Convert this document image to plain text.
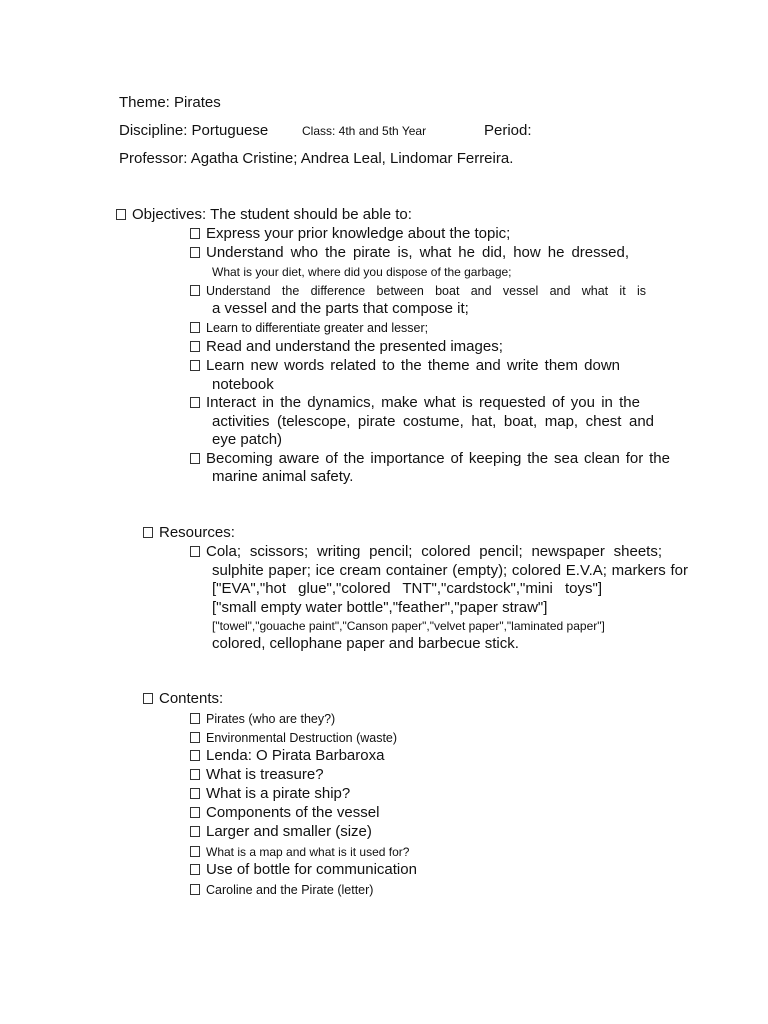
Theme: Pirates
Discipline: Portuguese	Class: 4th and 5th Year	Period:
Professor: Agatha Cristine; Andrea Leal, Lindomar Ferreira.
Objectives: The student should be able to:
Express your prior knowledge about the topic;
Understand who the pirate is, what he did, how he dressed,
What is your diet, where did you dispose of the garbage;
Understand the difference between boat and vessel and what it is
a vessel and the parts that compose it;
Learn to differentiate greater and lesser;
Read and understand the presented images;
Learn new words related to the theme and write them down
notebook
Interact in the dynamics, make what is requested of you in the
activities (telescope, pirate costume, hat, boat, map, chest and
eye patch)
Becoming aware of the importance of keeping the sea clean for the
marine animal safety.
Resources:
Cola; scissors; writing pencil; colored pencil; newspaper sheets;
sulphite paper; ice cream container (empty); colored E.V.A; markers for
["EVA","hot glue","colored TNT","cardstock","mini toys"]
["small empty water bottle","feather","paper straw"]
["towel","gouache paint","Canson paper","velvet paper","laminated paper"]
colored, cellophane paper and barbecue stick.
Contents:
Pirates (who are they?)
Environmental Destruction (waste)
Lenda: O Pirata Barbaroxa
What is treasure?
What is a pirate ship?
Components of the vessel
Larger and smaller (size)
What is a map and what is it used for?
Use of bottle for communication
Caroline and the Pirate (letter)
